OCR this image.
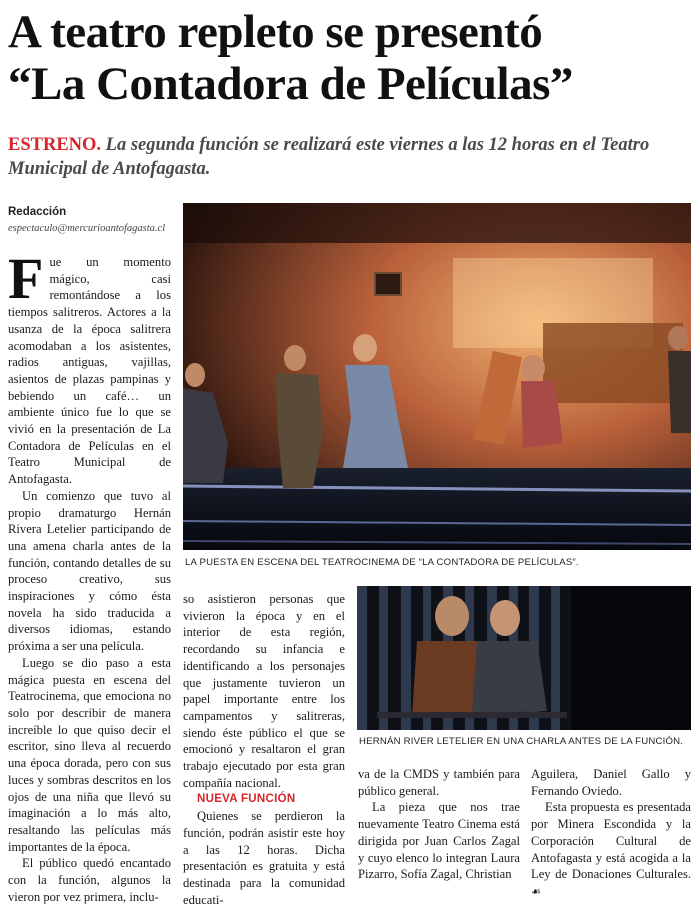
A teatro repleto se presentó
“La Contadora de Películas”
ESTRENO. La segunda función se realizará este viernes a las 12 horas en el Teatro Municipal de Antofagasta.
Redacción
espectaculo@mercurioantofagasta.cl
LA PUESTA EN ESCENA DEL TEATROCINEMA DE “LA CONTADORA DE PELÍCULAS”.
HERNÁN RIVER LETELIER EN UNA CHARLA ANTES DE LA FUNCIÓN.
F ue un momento mágico, casi remontándose a los tiempos salitreros. Actores a la usanza de la época salitrera acomodaban a los asistentes, radios antiguas, vajillas, asientos de plazas pampinas y bebiendo un café… un ambiente único fue lo que se vivió en la presentación de La Contadora de Películas en el Teatro Municipal de Antofagasta.

Un comienzo que tuvo al propio dramaturgo Hernán Rivera Letelier participando de una amena charla antes de la función, contando detalles de su proceso creativo, sus inspiraciones y cómo ésta novela ha sido traducida a diversos idiomas, estando próxima a ser una película.

Luego se dio paso a esta mágica puesta en escena del Teatrocinema, que emociona no solo por describir de manera increíble lo que quiso decir el escritor, sino lleva al recuerdo una época dorada, pero con sus luces y sombras descritos en los ojos de una niña que llevó su imaginación a lo más alto, resaltando las películas más importantes de la época.

El público quedó encantado con la función, algunos la vieron por vez primera, inclu-

so asistieron personas que vivieron la época y en el interior de esta región, recordando su infancia e identificando a los personajes que justamente tuvieron un papel importante entre los campamentos y salitreras, siendo éste público el que se emocionó y resaltaron el gran trabajo ejecutado por esta gran compañía nacional.

NUEVA FUNCIÓN

Quienes se perdieron la función, podrán asistir este hoy a las 12 horas. Dicha presentación es gratuita y está destinada para la comunidad educati-

va de la CMDS y también para público general.

La pieza que nos trae nuevamente Teatro Cinema está dirigida por Juan Carlos Zagal y cuyo elenco lo integran Laura Pizarro, Sofía Zagal, Christian

Aguilera, Daniel Gallo y Fernando Oviedo.

Esta propuesta es presentada por Minera Escondida y la Corporación Cultural de Antofagasta y está acogida a la Ley de Donaciones Culturales. ☙
